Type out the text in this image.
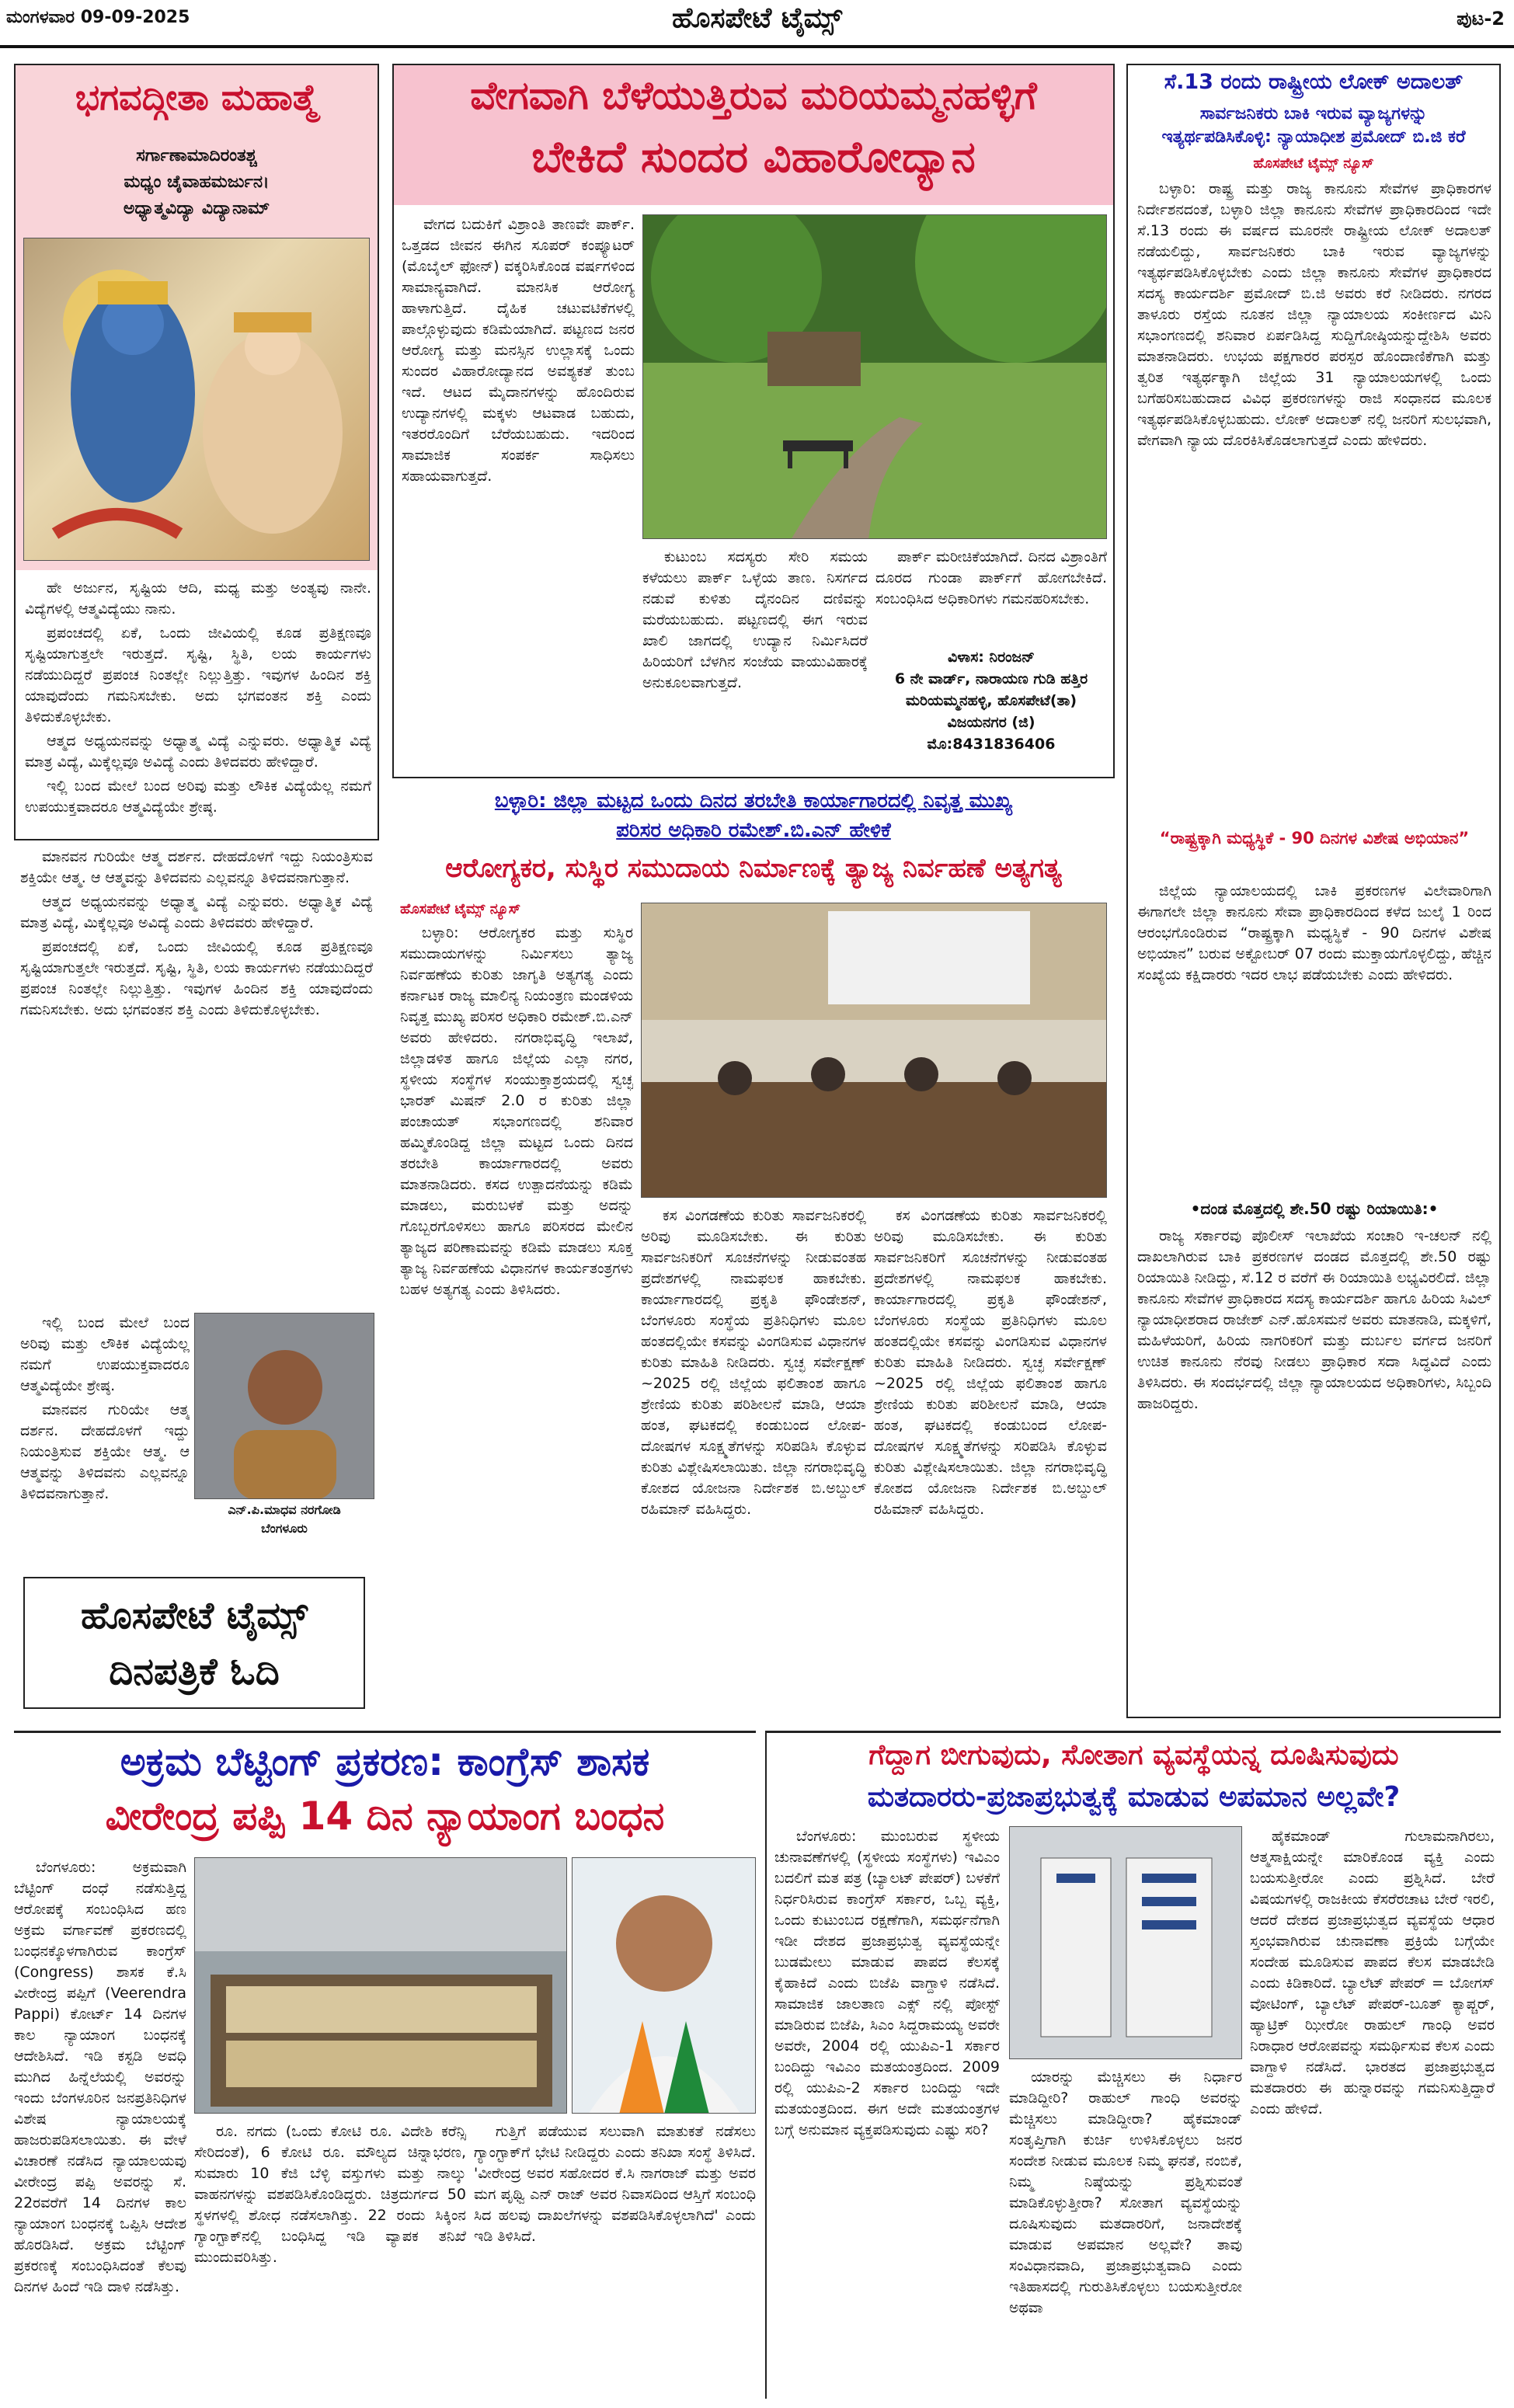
ಮಂಗಳವಾರ 09-09-2025	ಹೊಸಪೇಟೆ ಟೈಮ್ಸ್	ಪುಟ-2
ಭಗವದ್ಗೀತಾ ಮಹಾತ್ಮೆ
ಸರ್ಗಾಣಾಮಾದಿರಂತಶ್ಚ
ಮಧ್ಯಂ ಚೈವಾಹಮರ್ಜುನ।
ಅಧ್ಯಾತ್ಮವಿದ್ಯಾ ವಿದ್ಯಾನಾಮ್

ಹೇ ಅರ್ಜುನ, ಸೃಷ್ಟಿಯ ಆದಿ, ಮಧ್ಯ ಮತ್ತು ಅಂತ್ಯವು ನಾನೇ. ವಿದ್ಯೆಗಳಲ್ಲಿ ಆತ್ಮವಿದ್ಯೆಯು ನಾನು.

ಪ್ರಪಂಚದಲ್ಲಿ ಏಕೆ, ಒಂದು ಜೀವಿಯಲ್ಲಿ ಕೂಡ ಪ್ರತಿಕ್ಷಣವೂ ಸೃಷ್ಟಿಯಾಗುತ್ತಲೇ ಇರುತ್ತದೆ. ಸೃಷ್ಟಿ, ಸ್ಥಿತಿ, ಲಯ ಕಾರ್ಯಗಳು ನಡೆಯುದಿದ್ದರೆ ಪ್ರಪಂಚ ನಿಂತಲ್ಲೇ ನಿಲ್ಲುತ್ತಿತ್ತು. ಇವುಗಳ ಹಿಂದಿನ ಶಕ್ತಿ ಯಾವುದೆಂದು ಗಮನಿಸಬೇಕು. ಅದು ಭಗವಂತನ ಶಕ್ತಿ ಎಂದು ತಿಳಿದುಕೊಳ್ಳಬೇಕು.

ಆತ್ಮದ ಅಧ್ಯಯನವನ್ನು ಅಧ್ಯಾತ್ಮ ವಿದ್ಯೆ ಎನ್ನುವರು. ಅಧ್ಯಾತ್ಮಿಕ ವಿದ್ಯೆ ಮಾತ್ರ ವಿದ್ಯೆ, ಮಿಕ್ಕೆಲ್ಲವೂ ಅವಿದ್ಯೆ ಎಂದು ತಿಳಿದವರು ಹೇಳಿದ್ದಾರೆ.

ಇಲ್ಲಿ ಬಂದ ಮೇಲೆ ಬಂದ ಅರಿವು ಮತ್ತು ಲೌಕಿಕ ವಿದ್ಯೆಯೆಲ್ಲ ನಮಗೆ ಉಪಯುಕ್ತವಾದರೂ ಆತ್ಮವಿದ್ಯೆಯೇ ಶ್ರೇಷ್ಠ.

ಮಾನವನ ಗುರಿಯೇ ಆತ್ಮ ದರ್ಶನ. ದೇಹದೊಳಗೆ ಇದ್ದು ನಿಯಂತ್ರಿಸುವ ಶಕ್ತಿಯೇ ಆತ್ಮ. ಆ ಆತ್ಮವನ್ನು ತಿಳಿದವನು ಎಲ್ಲವನ್ನೂ ತಿಳಿದವನಾಗುತ್ತಾನೆ.

ಆತ್ಮದ ಅಧ್ಯಯನವನ್ನು ಅಧ್ಯಾತ್ಮ ವಿದ್ಯೆ ಎನ್ನುವರು. ಅಧ್ಯಾತ್ಮಿಕ ವಿದ್ಯೆ ಮಾತ್ರ ವಿದ್ಯೆ, ಮಿಕ್ಕೆಲ್ಲವೂ ಅವಿದ್ಯೆ ಎಂದು ತಿಳಿದವರು ಹೇಳಿದ್ದಾರೆ.

ಪ್ರಪಂಚದಲ್ಲಿ ಏಕೆ, ಒಂದು ಜೀವಿಯಲ್ಲಿ ಕೂಡ ಪ್ರತಿಕ್ಷಣವೂ ಸೃಷ್ಟಿಯಾಗುತ್ತಲೇ ಇರುತ್ತದೆ. ಸೃಷ್ಟಿ, ಸ್ಥಿತಿ, ಲಯ ಕಾರ್ಯಗಳು ನಡೆಯುದಿದ್ದರೆ ಪ್ರಪಂಚ ನಿಂತಲ್ಲೇ ನಿಲ್ಲುತ್ತಿತ್ತು. ಇವುಗಳ ಹಿಂದಿನ ಶಕ್ತಿ ಯಾವುದೆಂದು ಗಮನಿಸಬೇಕು. ಅದು ಭಗವಂತನ ಶಕ್ತಿ ಎಂದು ತಿಳಿದುಕೊಳ್ಳಬೇಕು.

ಎನ್.ಪಿ.ಮಾಧವ ನರಗೋಡಿ
ಬೆಂಗಳೂರು

ಇಲ್ಲಿ ಬಂದ ಮೇಲೆ ಬಂದ ಅರಿವು ಮತ್ತು ಲೌಕಿಕ ವಿದ್ಯೆಯೆಲ್ಲ ನಮಗೆ ಉಪಯುಕ್ತವಾದರೂ ಆತ್ಮವಿದ್ಯೆಯೇ ಶ್ರೇಷ್ಠ.

ಮಾನವನ ಗುರಿಯೇ ಆತ್ಮ ದರ್ಶನ. ದೇಹದೊಳಗೆ ಇದ್ದು ನಿಯಂತ್ರಿಸುವ ಶಕ್ತಿಯೇ ಆತ್ಮ. ಆ ಆತ್ಮವನ್ನು ತಿಳಿದವನು ಎಲ್ಲವನ್ನೂ ತಿಳಿದವನಾಗುತ್ತಾನೆ.

ಹೊಸಪೇಟೆ ಟೈಮ್ಸ್
ದಿನಪತ್ರಿಕೆ ಓದಿ
ವೇಗವಾಗಿ ಬೆಳೆಯುತ್ತಿರುವ ಮರಿಯಮ್ಮನಹಳ್ಳಿಗೆ
ಬೇಕಿದೆ ಸುಂದರ ವಿಹಾರೋದ್ಯಾನ

ವೇಗದ ಬದುಕಿಗೆ ವಿಶ್ರಾಂತಿ ತಾಣವೇ ಪಾರ್ಕ್. ಒತ್ತಡದ ಜೀವನ ಈಗಿನ ಸೂಪರ್ ಕಂಪ್ಯೂಟರ್ (ಮೊಬೈಲ್ ಫೋನ್) ವಕ್ಕರಿಸಿಕೊಂಡ ವರ್ಷಗಳಿಂದ ಸಾಮಾನ್ಯವಾಗಿದೆ. ಮಾನಸಿಕ ಆರೋಗ್ಯ ಹಾಳಾಗುತ್ತಿದೆ. ದೈಹಿಕ ಚಟುವಟಿಕೆಗಳಲ್ಲಿ ಪಾಲ್ಗೊಳ್ಳುವುದು ಕಡಿಮೆಯಾಗಿದೆ. ಪಟ್ಟಣದ ಜನರ ಆರೋಗ್ಯ ಮತ್ತು ಮನಸ್ಸಿನ ಉಲ್ಲಾಸಕ್ಕೆ ಒಂದು ಸುಂದರ ವಿಹಾರೋದ್ಯಾನದ ಅವಶ್ಯಕತೆ ತುಂಬ ಇದೆ. ಆಟದ ಮೈದಾನಗಳನ್ನು ಹೊಂದಿರುವ ಉದ್ಯಾನಗಳಲ್ಲಿ ಮಕ್ಕಳು ಆಟವಾಡ ಬಹುದು, ಇತರರೊಂದಿಗೆ ಬೆರೆಯಬಹುದು. ಇದರಿಂದ ಸಾಮಾಜಿಕ ಸಂಪರ್ಕ ಸಾಧಿಸಲು ಸಹಾಯವಾಗುತ್ತದೆ.

ಕುಟುಂಬ ಸದಸ್ಯರು ಸೇರಿ ಸಮಯ ಕಳೆಯಲು ಪಾರ್ಕ್ ಒಳ್ಳೆಯ ತಾಣ. ನಿಸರ್ಗದ ನಡುವೆ ಕುಳಿತು ದೈನಂದಿನ ದಣಿವನ್ನು ಮರೆಯಬಹುದು. ಪಟ್ಟಣದಲ್ಲಿ ಈಗ ಇರುವ ಖಾಲಿ ಜಾಗದಲ್ಲಿ ಉದ್ಯಾನ ನಿರ್ಮಿಸಿದರೆ ಹಿರಿಯರಿಗೆ ಬೆಳಗಿನ ಸಂಜೆಯ ವಾಯುವಿಹಾರಕ್ಕೆ ಅನುಕೂಲವಾಗುತ್ತದೆ.

ಪಾರ್ಕ್ ಮರೀಚಿಕೆಯಾಗಿದೆ. ದಿನದ ವಿಶ್ರಾಂತಿಗೆ ದೂರದ ಗುಂಡಾ ಪಾರ್ಕ್‌ಗೆ ಹೋಗಬೇಕಿದೆ. ಸಂಬಂಧಿಸಿದ ಅಧಿಕಾರಿಗಳು ಗಮನಹರಿಸಬೇಕು.

ವಿಳಾಸ: ನಿರಂಜನ್
6 ನೇ ವಾರ್ಡ್, ನಾರಾಯಣ ಗುಡಿ ಹತ್ತಿರ
ಮರಿಯಮ್ಮನಹಳ್ಳಿ, ಹೊಸಪೇಟೆ(ತಾ)
ವಿಜಯನಗರ (ಜಿ)
ಮೊ:8431836406
ಬಳ್ಳಾರಿ: ಜಿಲ್ಲಾ ಮಟ್ಟದ ಒಂದು ದಿನದ ತರಬೇತಿ ಕಾರ್ಯಾಗಾರದಲ್ಲಿ ನಿವೃತ್ತ ಮುಖ್ಯ
ಪರಿಸರ ಅಧಿಕಾರಿ ರಮೇಶ್.ಬಿ.ಎನ್ ಹೇಳಿಕೆ
ಆರೋಗ್ಯಕರ, ಸುಸ್ಥಿರ ಸಮುದಾಯ ನಿರ್ಮಾಣಕ್ಕೆ ತ್ಯಾಜ್ಯ ನಿರ್ವಹಣೆ ಅತ್ಯಗತ್ಯ
ಹೊಸಪೇಟೆ ಟೈಮ್ಸ್ ನ್ಯೂಸ್

ಬಳ್ಳಾರಿ: ಆರೋಗ್ಯಕರ ಮತ್ತು ಸುಸ್ಥಿರ ಸಮುದಾಯಗಳನ್ನು ನಿರ್ಮಿಸಲು ತ್ಯಾಜ್ಯ ನಿರ್ವಹಣೆಯ ಕುರಿತು ಜಾಗೃತಿ ಅತ್ಯಗತ್ಯ ಎಂದು ಕರ್ನಾಟಕ ರಾಜ್ಯ ಮಾಲಿನ್ಯ ನಿಯಂತ್ರಣ ಮಂಡಳಿಯ ನಿವೃತ್ತ ಮುಖ್ಯ ಪರಿಸರ ಅಧಿಕಾರಿ ರಮೇಶ್.ಬಿ.ಎನ್ ಅವರು ಹೇಳಿದರು. ನಗರಾಭಿವೃದ್ಧಿ ಇಲಾಖೆ, ಜಿಲ್ಲಾಡಳಿತ ಹಾಗೂ ಜಿಲ್ಲೆಯ ಎಲ್ಲಾ ನಗರ, ಸ್ಥಳೀಯ ಸಂಸ್ಥೆಗಳ ಸಂಯುಕ್ತಾಶ್ರಯದಲ್ಲಿ ಸ್ವಚ್ಛ ಭಾರತ್ ಮಿಷನ್ 2.0 ರ ಕುರಿತು ಜಿಲ್ಲಾ ಪಂಚಾಯತ್ ಸಭಾಂಗಣದಲ್ಲಿ ಶನಿವಾರ ಹಮ್ಮಿಕೊಂಡಿದ್ದ ಜಿಲ್ಲಾ ಮಟ್ಟದ ಒಂದು ದಿನದ ತರಬೇತಿ ಕಾರ್ಯಾಗಾರದಲ್ಲಿ ಅವರು ಮಾತನಾಡಿದರು. ಕಸದ ಉತ್ಪಾದನೆಯನ್ನು ಕಡಿಮೆ ಮಾಡಲು, ಮರುಬಳಕೆ ಮತ್ತು ಅದನ್ನು ಗೊಬ್ಬರಗೊಳಿಸಲು ಹಾಗೂ ಪರಿಸರದ ಮೇಲಿನ ತ್ಯಾಜ್ಯದ ಪರಿಣಾಮವನ್ನು ಕಡಿಮೆ ಮಾಡಲು ಸೂಕ್ತ ತ್ಯಾಜ್ಯ ನಿರ್ವಹಣೆಯ ವಿಧಾನಗಳ ಕಾರ್ಯತಂತ್ರಗಳು ಬಹಳ ಅತ್ಯಗತ್ಯ ಎಂದು ತಿಳಿಸಿದರು.

ಕಸ ವಿಂಗಡಣೆಯ ಕುರಿತು ಸಾರ್ವಜನಿಕರಲ್ಲಿ ಅರಿವು ಮೂಡಿಸಬೇಕು. ಈ ಕುರಿತು ಸಾರ್ವಜನಿಕರಿಗೆ ಸೂಚನೆಗಳನ್ನು ನೀಡುವಂತಹ ಪ್ರದೇಶಗಳಲ್ಲಿ ನಾಮಫಲಕ ಹಾಕಬೇಕು. ಕಾರ್ಯಾಗಾರದಲ್ಲಿ ಪ್ರಕೃತಿ ಫೌಂಡೇಶನ್, ಬೆಂಗಳೂರು ಸಂಸ್ಥೆಯ ಪ್ರತಿನಿಧಿಗಳು ಮೂಲ ಹಂತದಲ್ಲಿಯೇ ಕಸವನ್ನು ವಿಂಗಡಿಸುವ ವಿಧಾನಗಳ ಕುರಿತು ಮಾಹಿತಿ ನೀಡಿದರು. ಸ್ವಚ್ಛ ಸರ್ವೇಕ್ಷಣ್ ~2025 ರಲ್ಲಿ ಜಿಲ್ಲೆಯ ಫಲಿತಾಂಶ ಹಾಗೂ ಶ್ರೇಣಿಯ ಕುರಿತು ಪರಿಶೀಲನೆ ಮಾಡಿ, ಆಯಾ ಹಂತ, ಘಟಕದಲ್ಲಿ ಕಂಡುಬಂದ ಲೋಪ-ದೋಷಗಳ ಸೂಕ್ಷ್ಮತೆಗಳನ್ನು ಸರಿಪಡಿಸಿ ಕೊಳ್ಳುವ ಕುರಿತು ವಿಶ್ಲೇಷಿಸಲಾಯಿತು. ಜಿಲ್ಲಾ ನಗರಾಭಿವೃದ್ಧಿ ಕೋಶದ ಯೋಜನಾ ನಿರ್ದೇಶಕ ಬಿ.ಅಬ್ದುಲ್ ರಹಿಮಾನ್ ವಹಿಸಿದ್ದರು.

ಕಸ ವಿಂಗಡಣೆಯ ಕುರಿತು ಸಾರ್ವಜನಿಕರಲ್ಲಿ ಅರಿವು ಮೂಡಿಸಬೇಕು. ಈ ಕುರಿತು ಸಾರ್ವಜನಿಕರಿಗೆ ಸೂಚನೆಗಳನ್ನು ನೀಡುವಂತಹ ಪ್ರದೇಶಗಳಲ್ಲಿ ನಾಮಫಲಕ ಹಾಕಬೇಕು. ಕಾರ್ಯಾಗಾರದಲ್ಲಿ ಪ್ರಕೃತಿ ಫೌಂಡೇಶನ್, ಬೆಂಗಳೂರು ಸಂಸ್ಥೆಯ ಪ್ರತಿನಿಧಿಗಳು ಮೂಲ ಹಂತದಲ್ಲಿಯೇ ಕಸವನ್ನು ವಿಂಗಡಿಸುವ ವಿಧಾನಗಳ ಕುರಿತು ಮಾಹಿತಿ ನೀಡಿದರು. ಸ್ವಚ್ಛ ಸರ್ವೇಕ್ಷಣ್ ~2025 ರಲ್ಲಿ ಜಿಲ್ಲೆಯ ಫಲಿತಾಂಶ ಹಾಗೂ ಶ್ರೇಣಿಯ ಕುರಿತು ಪರಿಶೀಲನೆ ಮಾಡಿ, ಆಯಾ ಹಂತ, ಘಟಕದಲ್ಲಿ ಕಂಡುಬಂದ ಲೋಪ-ದೋಷಗಳ ಸೂಕ್ಷ್ಮತೆಗಳನ್ನು ಸರಿಪಡಿಸಿ ಕೊಳ್ಳುವ ಕುರಿತು ವಿಶ್ಲೇಷಿಸಲಾಯಿತು. ಜಿಲ್ಲಾ ನಗರಾಭಿವೃದ್ಧಿ ಕೋಶದ ಯೋಜನಾ ನಿರ್ದೇಶಕ ಬಿ.ಅಬ್ದುಲ್ ರಹಿಮಾನ್ ವಹಿಸಿದ್ದರು.

ಸೆ.13 ರಂದು ರಾಷ್ಟ್ರೀಯ ಲೋಕ್ ಅದಾಲತ್
ಸಾರ್ವಜನಿಕರು ಬಾಕಿ ಇರುವ ವ್ಯಾಜ್ಯಗಳನ್ನು
ಇತ್ಯರ್ಥಪಡಿಸಿಕೊಳ್ಳಿ: ನ್ಯಾಯಾಧೀಶ ಪ್ರಮೋದ್ ಬಿ.ಜಿ ಕರೆ
ಹೊಸಪೇಟೆ ಟೈಮ್ಸ್ ನ್ಯೂಸ್

ಬಳ್ಳಾರಿ: ರಾಷ್ಟ್ರ ಮತ್ತು ರಾಜ್ಯ ಕಾನೂನು ಸೇವೆಗಳ ಪ್ರಾಧಿಕಾರಗಳ ನಿರ್ದೇಶನದಂತೆ, ಬಳ್ಳಾರಿ ಜಿಲ್ಲಾ ಕಾನೂನು ಸೇವೆಗಳ ಪ್ರಾಧಿಕಾರದಿಂದ ಇದೇ ಸೆ.13 ರಂದು ಈ ವರ್ಷದ ಮೂರನೇ ರಾಷ್ಟ್ರೀಯ ಲೋಕ್ ಅದಾಲತ್ ನಡೆಯಲಿದ್ದು, ಸಾರ್ವಜನಿಕರು ಬಾಕಿ ಇರುವ ವ್ಯಾಜ್ಯಗಳನ್ನು ಇತ್ಯರ್ಥಪಡಿಸಿಕೊಳ್ಳಬೇಕು ಎಂದು ಜಿಲ್ಲಾ ಕಾನೂನು ಸೇವೆಗಳ ಪ್ರಾಧಿಕಾರದ ಸದಸ್ಯ ಕಾರ್ಯದರ್ಶಿ ಪ್ರಮೋದ್ ಬಿ.ಜಿ ಅವರು ಕರೆ ನೀಡಿದರು. ನಗರದ ತಾಳೂರು ರಸ್ತೆಯ ನೂತನ ಜಿಲ್ಲಾ ನ್ಯಾಯಾಲಯ ಸಂಕೀರ್ಣದ ಮಿನಿ ಸಭಾಂಗಣದಲ್ಲಿ ಶನಿವಾರ ಏರ್ಪಡಿಸಿದ್ದ ಸುದ್ದಿಗೋಷ್ಠಿಯನ್ನುದ್ದೇಶಿಸಿ ಅವರು ಮಾತನಾಡಿದರು. ಉಭಯ ಪಕ್ಷಗಾರರ ಪರಸ್ಪರ ಹೊಂದಾಣಿಕೆಗಾಗಿ ಮತ್ತು ತ್ವರಿತ ಇತ್ಯರ್ಥಕ್ಕಾಗಿ ಜಿಲ್ಲೆಯ 31 ನ್ಯಾಯಾಲಯಗಳಲ್ಲಿ ಒಂದು ಬಗೆಹರಿಸಬಹುದಾದ ವಿವಿಧ ಪ್ರಕರಣಗಳನ್ನು ರಾಜಿ ಸಂಧಾನದ ಮೂಲಕ ಇತ್ಯರ್ಥಪಡಿಸಿಕೊಳ್ಳಬಹುದು. ಲೋಕ್ ಅದಾಲತ್ ನಲ್ಲಿ ಜನರಿಗೆ ಸುಲಭವಾಗಿ, ವೇಗವಾಗಿ ನ್ಯಾಯ ದೊರಕಿಸಿಕೊಡಲಾಗುತ್ತದೆ ಎಂದು ಹೇಳಿದರು.

“ರಾಷ್ಟ್ರಕ್ಕಾಗಿ ಮಧ್ಯಸ್ಥಿಕೆ - 90 ದಿನಗಳ ವಿಶೇಷ ಅಭಿಯಾನ”

ಜಿಲ್ಲೆಯ ನ್ಯಾಯಾಲಯದಲ್ಲಿ ಬಾಕಿ ಪ್ರಕರಣಗಳ ವಿಲೇವಾರಿಗಾಗಿ ಈಗಾಗಲೇ ಜಿಲ್ಲಾ ಕಾನೂನು ಸೇವಾ ಪ್ರಾಧಿಕಾರದಿಂದ ಕಳೆದ ಜುಲೈ 1 ರಿಂದ ಆರಂಭಗೊಂಡಿರುವ “ರಾಷ್ಟ್ರಕ್ಕಾಗಿ ಮಧ್ಯಸ್ಥಿಕೆ - 90 ದಿನಗಳ ವಿಶೇಷ ಅಭಿಯಾನ” ಬರುವ ಅಕ್ಟೋಬರ್ 07 ರಂದು ಮುಕ್ತಾಯಗೊಳ್ಳಲಿದ್ದು, ಹೆಚ್ಚಿನ ಸಂಖ್ಯೆಯ ಕಕ್ಷಿದಾರರು ಇದರ ಲಾಭ ಪಡೆಯಬೇಕು ಎಂದು ಹೇಳಿದರು.

•ದಂಡ ಮೊತ್ತದಲ್ಲಿ ಶೇ.50 ರಷ್ಟು ರಿಯಾಯಿತಿ:•

ರಾಜ್ಯ ಸರ್ಕಾರವು ಪೊಲೀಸ್ ಇಲಾಖೆಯ ಸಂಚಾರಿ ಇ-ಚಲನ್ ನಲ್ಲಿ ದಾಖಲಾಗಿರುವ ಬಾಕಿ ಪ್ರಕರಣಗಳ ದಂಡದ ಮೊತ್ತದಲ್ಲಿ ಶೇ.50 ರಷ್ಟು ರಿಯಾಯಿತಿ ನೀಡಿದ್ದು, ಸೆ.12 ರ ವರೆಗೆ ಈ ರಿಯಾಯಿತಿ ಲಭ್ಯವಿರಲಿದೆ. ಜಿಲ್ಲಾ ಕಾನೂನು ಸೇವೆಗಳ ಪ್ರಾಧಿಕಾರದ ಸದಸ್ಯ ಕಾರ್ಯದರ್ಶಿ ಹಾಗೂ ಹಿರಿಯ ಸಿವಿಲ್ ನ್ಯಾಯಾಧೀಶರಾದ ರಾಜೇಶ್ ಎನ್.ಹೊಸಮನೆ ಅವರು ಮಾತನಾಡಿ, ಮಕ್ಕಳಿಗೆ, ಮಹಿಳೆಯರಿಗೆ, ಹಿರಿಯ ನಾಗರಿಕರಿಗೆ ಮತ್ತು ದುರ್ಬಲ ವರ್ಗದ ಜನರಿಗೆ ಉಚಿತ ಕಾನೂನು ನೆರವು ನೀಡಲು ಪ್ರಾಧಿಕಾರ ಸದಾ ಸಿದ್ಧವಿದೆ ಎಂದು ತಿಳಿಸಿದರು. ಈ ಸಂದರ್ಭದಲ್ಲಿ ಜಿಲ್ಲಾ ನ್ಯಾಯಾಲಯದ ಅಧಿಕಾರಿಗಳು, ಸಿಬ್ಬಂದಿ ಹಾಜರಿದ್ದರು.

ಅಕ್ರಮ ಬೆಟ್ಟಿಂಗ್ ಪ್ರಕರಣ: ಕಾಂಗ್ರೆಸ್ ಶಾಸಕ
ವೀರೇಂದ್ರ ಪಪ್ಪಿ 14 ದಿನ ನ್ಯಾಯಾಂಗ ಬಂಧನ

ಬೆಂಗಳೂರು: ಅಕ್ರಮವಾಗಿ ಬೆಟ್ಟಿಂಗ್ ದಂಧೆ ನಡೆಸುತ್ತಿದ್ದ ಆರೋಪಕ್ಕೆ ಸಂಬಂಧಿಸಿದ ಹಣ ಅಕ್ರಮ ವರ್ಗಾವಣೆ ಪ್ರಕರಣದಲ್ಲಿ ಬಂಧನಕ್ಕೊಳಗಾಗಿರುವ ಕಾಂಗ್ರೆಸ್ (Congress) ಶಾಸಕ ಕೆ.ಸಿ ವೀರೇಂದ್ರ ಪಪ್ಪಿಗೆ (Veerendra Pappi) ಕೋರ್ಟ್ 14 ದಿನಗಳ ಕಾಲ ನ್ಯಾಯಾಂಗ ಬಂಧನಕ್ಕೆ ಆದೇಶಿಸಿದೆ. ಇಡಿ ಕಸ್ಟಡಿ ಅವಧಿ ಮುಗಿದ ಹಿನ್ನೆಲೆಯಲ್ಲಿ ಅವರನ್ನು ಇಂದು ಬೆಂಗಳೂರಿನ ಜನಪ್ರತಿನಿಧಿಗಳ ವಿಶೇಷ ನ್ಯಾಯಾಲಯಕ್ಕೆ ಹಾಜರುಪಡಿಸಲಾಯಿತು. ಈ ವೇಳೆ ವಿಚಾರಣೆ ನಡೆಸಿದ ನ್ಯಾಯಾಲಯವು ವೀರೇಂದ್ರ ಪಪ್ಪಿ ಅವರನ್ನು ಸೆ. 22ರವರೆಗೆ 14 ದಿನಗಳ ಕಾಲ ನ್ಯಾಯಾಂಗ ಬಂಧನಕ್ಕೆ ಒಪ್ಪಿಸಿ ಆದೇಶ ಹೊರಡಿಸಿದೆ. ಅಕ್ರಮ ಬೆಟ್ಟಿಂಗ್ ಪ್ರಕರಣಕ್ಕೆ ಸಂಬಂಧಿಸಿದಂತೆ ಕೆಲವು ದಿನಗಳ ಹಿಂದೆ ಇಡಿ ದಾಳಿ ನಡೆಸಿತ್ತು.

ರೂ. ನಗದು (ಒಂದು ಕೋಟಿ ರೂ. ವಿದೇಶಿ ಕರೆನ್ಸಿ ಸೇರಿದಂತೆ), 6 ಕೋಟಿ ರೂ. ಮೌಲ್ಯದ ಚಿನ್ನಾಭರಣ, ಸುಮಾರು 10 ಕೆಜಿ ಬೆಳ್ಳಿ ವಸ್ತುಗಳು ಮತ್ತು ನಾಲ್ಕು ವಾಹನಗಳನ್ನು ವಶಪಡಿಸಿಕೊಂಡಿದ್ದರು. ಚಿತ್ರದುರ್ಗದ 50 ಸ್ಥಳಗಳಲ್ಲಿ ಶೋಧ ನಡೆಸಲಾಗಿತ್ತು. 22 ರಂದು ಸಿಕ್ಕಿಂನ ಗ್ಯಾಂಗ್ಟಾಕ್‌ನಲ್ಲಿ ಬಂಧಿಸಿದ್ದ ಇಡಿ ವ್ಯಾಪಕ ತನಿಖೆ ಮುಂದುವರಿಸಿತ್ತು.

ಗುತ್ತಿಗೆ ಪಡೆಯುವ ಸಲುವಾಗಿ ಮಾತುಕತೆ ನಡೆಸಲು ಗ್ಯಾಂಗ್ಟಾಕ್‌ಗೆ ಭೇಟಿ ನೀಡಿದ್ದರು ಎಂದು ತನಿಖಾ ಸಂಸ್ಥೆ ತಿಳಿಸಿದೆ. 'ವೀರೇಂದ್ರ ಅವರ ಸಹೋದರ ಕೆ.ಸಿ ನಾಗರಾಜ್ ಮತ್ತು ಅವರ ಮಗ ಪೃಥ್ವಿ ಎನ್ ರಾಜ್ ಅವರ ನಿವಾಸದಿಂದ ಆಸ್ತಿಗೆ ಸಂಬಂಧಿ ಸಿದ ಹಲವು ದಾಖಲೆಗಳನ್ನು ವಶಪಡಿಸಿಕೊಳ್ಳಲಾಗಿದೆ' ಎಂದು ಇಡಿ ತಿಳಿಸಿದೆ.

ಗೆದ್ದಾಗ ಬೀಗುವುದು, ಸೋತಾಗ ವ್ಯವಸ್ಥೆಯನ್ನ ದೂಷಿಸುವುದು
ಮತದಾರರು-ಪ್ರಜಾಪ್ರಭುತ್ವಕ್ಕೆ ಮಾಡುವ ಅಪಮಾನ ಅಲ್ಲವೇ?

ಬೆಂಗಳೂರು: ಮುಂಬರುವ ಸ್ಥಳೀಯ ಚುನಾವಣೆಗಳಲ್ಲಿ (ಸ್ಥಳೀಯ ಸಂಸ್ಥೆಗಳು) ಇವಿಎಂ ಬದಲಿಗೆ ಮತ ಪತ್ರ (ಬ್ಯಾಲಟ್ ಪೇಪರ್) ಬಳಕೆಗೆ ನಿರ್ಧರಿಸಿರುವ ಕಾಂಗ್ರೆಸ್ ಸರ್ಕಾರ, ಒಬ್ಬ ವ್ಯಕ್ತಿ, ಒಂದು ಕುಟುಂಬದ ರಕ್ಷಣೆಗಾಗಿ, ಸಮರ್ಥನೆಗಾಗಿ ಇಡೀ ದೇಶದ ಪ್ರಜಾಪ್ರಭುತ್ವ ವ್ಯವಸ್ಥೆಯನ್ನೇ ಬುಡಮೇಲು ಮಾಡುವ ಪಾಪದ ಕೆಲಸಕ್ಕೆ ಕೈಹಾಕಿದೆ ಎಂದು ಬಿಜೆಪಿ ವಾಗ್ದಾಳಿ ನಡೆಸಿದೆ. ಸಾಮಾಜಿಕ ಜಾಲತಾಣ ಎಕ್ಸ್ ನಲ್ಲಿ ಪೋಸ್ಟ್ ಮಾಡಿರುವ ಬಿಜೆಪಿ, ಸಿಎಂ ಸಿದ್ದರಾಮಯ್ಯ ಅವರೇ ಅವರೇ, 2004 ರಲ್ಲಿ ಯುಪಿಎ-1 ಸರ್ಕಾರ ಬಂದಿದ್ದು ಇವಿಎಂ ಮತಯಂತ್ರದಿಂದ. 2009 ರಲ್ಲಿ ಯುಪಿಎ-2 ಸರ್ಕಾರ ಬಂದಿದ್ದು ಇದೇ ಮತಯಂತ್ರದಿಂದ. ಈಗ ಅದೇ ಮತಯಂತ್ರಗಳ ಬಗ್ಗೆ ಅನುಮಾನ ವ್ಯಕ್ತಪಡಿಸುವುದು ಎಷ್ಟು ಸರಿ?

ಯಾರನ್ನು ಮೆಚ್ಚಿಸಲು ಈ ನಿರ್ಧಾರ ಮಾಡಿದ್ದೀರಿ? ರಾಹುಲ್ ಗಾಂಧಿ ಅವರನ್ನು ಮೆಚ್ಚಿಸಲು ಮಾಡಿದ್ದೀರಾ? ಹೈಕಮಾಂಡ್ ಸಂತೃಪ್ತಿಗಾಗಿ ಕುರ್ಚಿ ಉಳಿಸಿಕೊಳ್ಳಲು ಜನರ ಸಂದೇಶ ನೀಡುವ ಮೂಲಕ ನಿಮ್ಮ ಘನತೆ, ನಂಬಿಕೆ, ನಿಮ್ಮ ನಿಷ್ಠೆಯನ್ನು ಪ್ರಶ್ನಿಸುವಂತೆ ಮಾಡಿಕೊಳ್ಳುತ್ತೀರಾ? ಸೋತಾಗ ವ್ಯವಸ್ಥೆಯನ್ನು ದೂಷಿಸುವುದು ಮತದಾರರಿಗೆ, ಜನಾದೇಶಕ್ಕೆ ಮಾಡುವ ಅಪಮಾನ ಅಲ್ಲವೇ? ತಾವು ಸಂವಿಧಾನವಾದಿ, ಪ್ರಜಾಪ್ರಭುತ್ವವಾದಿ ಎಂದು ಇತಿಹಾಸದಲ್ಲಿ ಗುರುತಿಸಿಕೊಳ್ಳಲು ಬಯಸುತ್ತೀರೋ ಅಥವಾ

ಹೈಕಮಾಂಡ್ ಗುಲಾಮನಾಗಿರಲು, ಆತ್ಮಸಾಕ್ಷಿಯನ್ನೇ ಮಾರಿಕೊಂಡ ವ್ಯಕ್ತಿ ಎಂದು ಬಯಸುತ್ತೀರೋ ಎಂದು ಪ್ರಶ್ನಿಸಿದೆ. ಬೇರೆ ವಿಷಯಗಳಲ್ಲಿ ರಾಜಕೀಯ ಕೆಸರೆರಚಾಟ ಬೇರೆ ಇರಲಿ, ಆದರೆ ದೇಶದ ಪ್ರಜಾಪ್ರಭುತ್ವದ ವ್ಯವಸ್ಥೆಯ ಆಧಾರ ಸ್ತಂಭವಾಗಿರುವ ಚುನಾವಣಾ ಪ್ರಕ್ರಿಯೆ ಬಗ್ಗೆಯೇ ಸಂದೇಹ ಮೂಡಿಸುವ ಪಾಪದ ಕೆಲಸ ಮಾಡಬೇಡಿ ಎಂದು ಕಿಡಿಕಾರಿದೆ. ಬ್ಯಾಲೆಟ್ ಪೇಪರ್ = ಬೋಗಸ್ ವೋಟಿಂಗ್, ಬ್ಯಾಲೆಟ್ ಪೇಪರ್-ಬೂತ್ ಕ್ಯಾಪ್ಚರ್, ಹ್ಯಾಟ್ರಿಕ್ ಝೀರೋ ರಾಹುಲ್ ಗಾಂಧಿ ಅವರ ನಿರಾಧಾರ ಆರೋಪವನ್ನು ಸಮರ್ಥಿಸುವ ಕೆಲಸ ಎಂದು ವಾಗ್ದಾಳಿ ನಡೆಸಿದೆ. ಭಾರತದ ಪ್ರಜಾಪ್ರಭುತ್ವದ ಮತದಾರರು ಈ ಹುನ್ನಾರವನ್ನು ಗಮನಿಸುತ್ತಿದ್ದಾರೆ ಎಂದು ಹೇಳಿದೆ.
